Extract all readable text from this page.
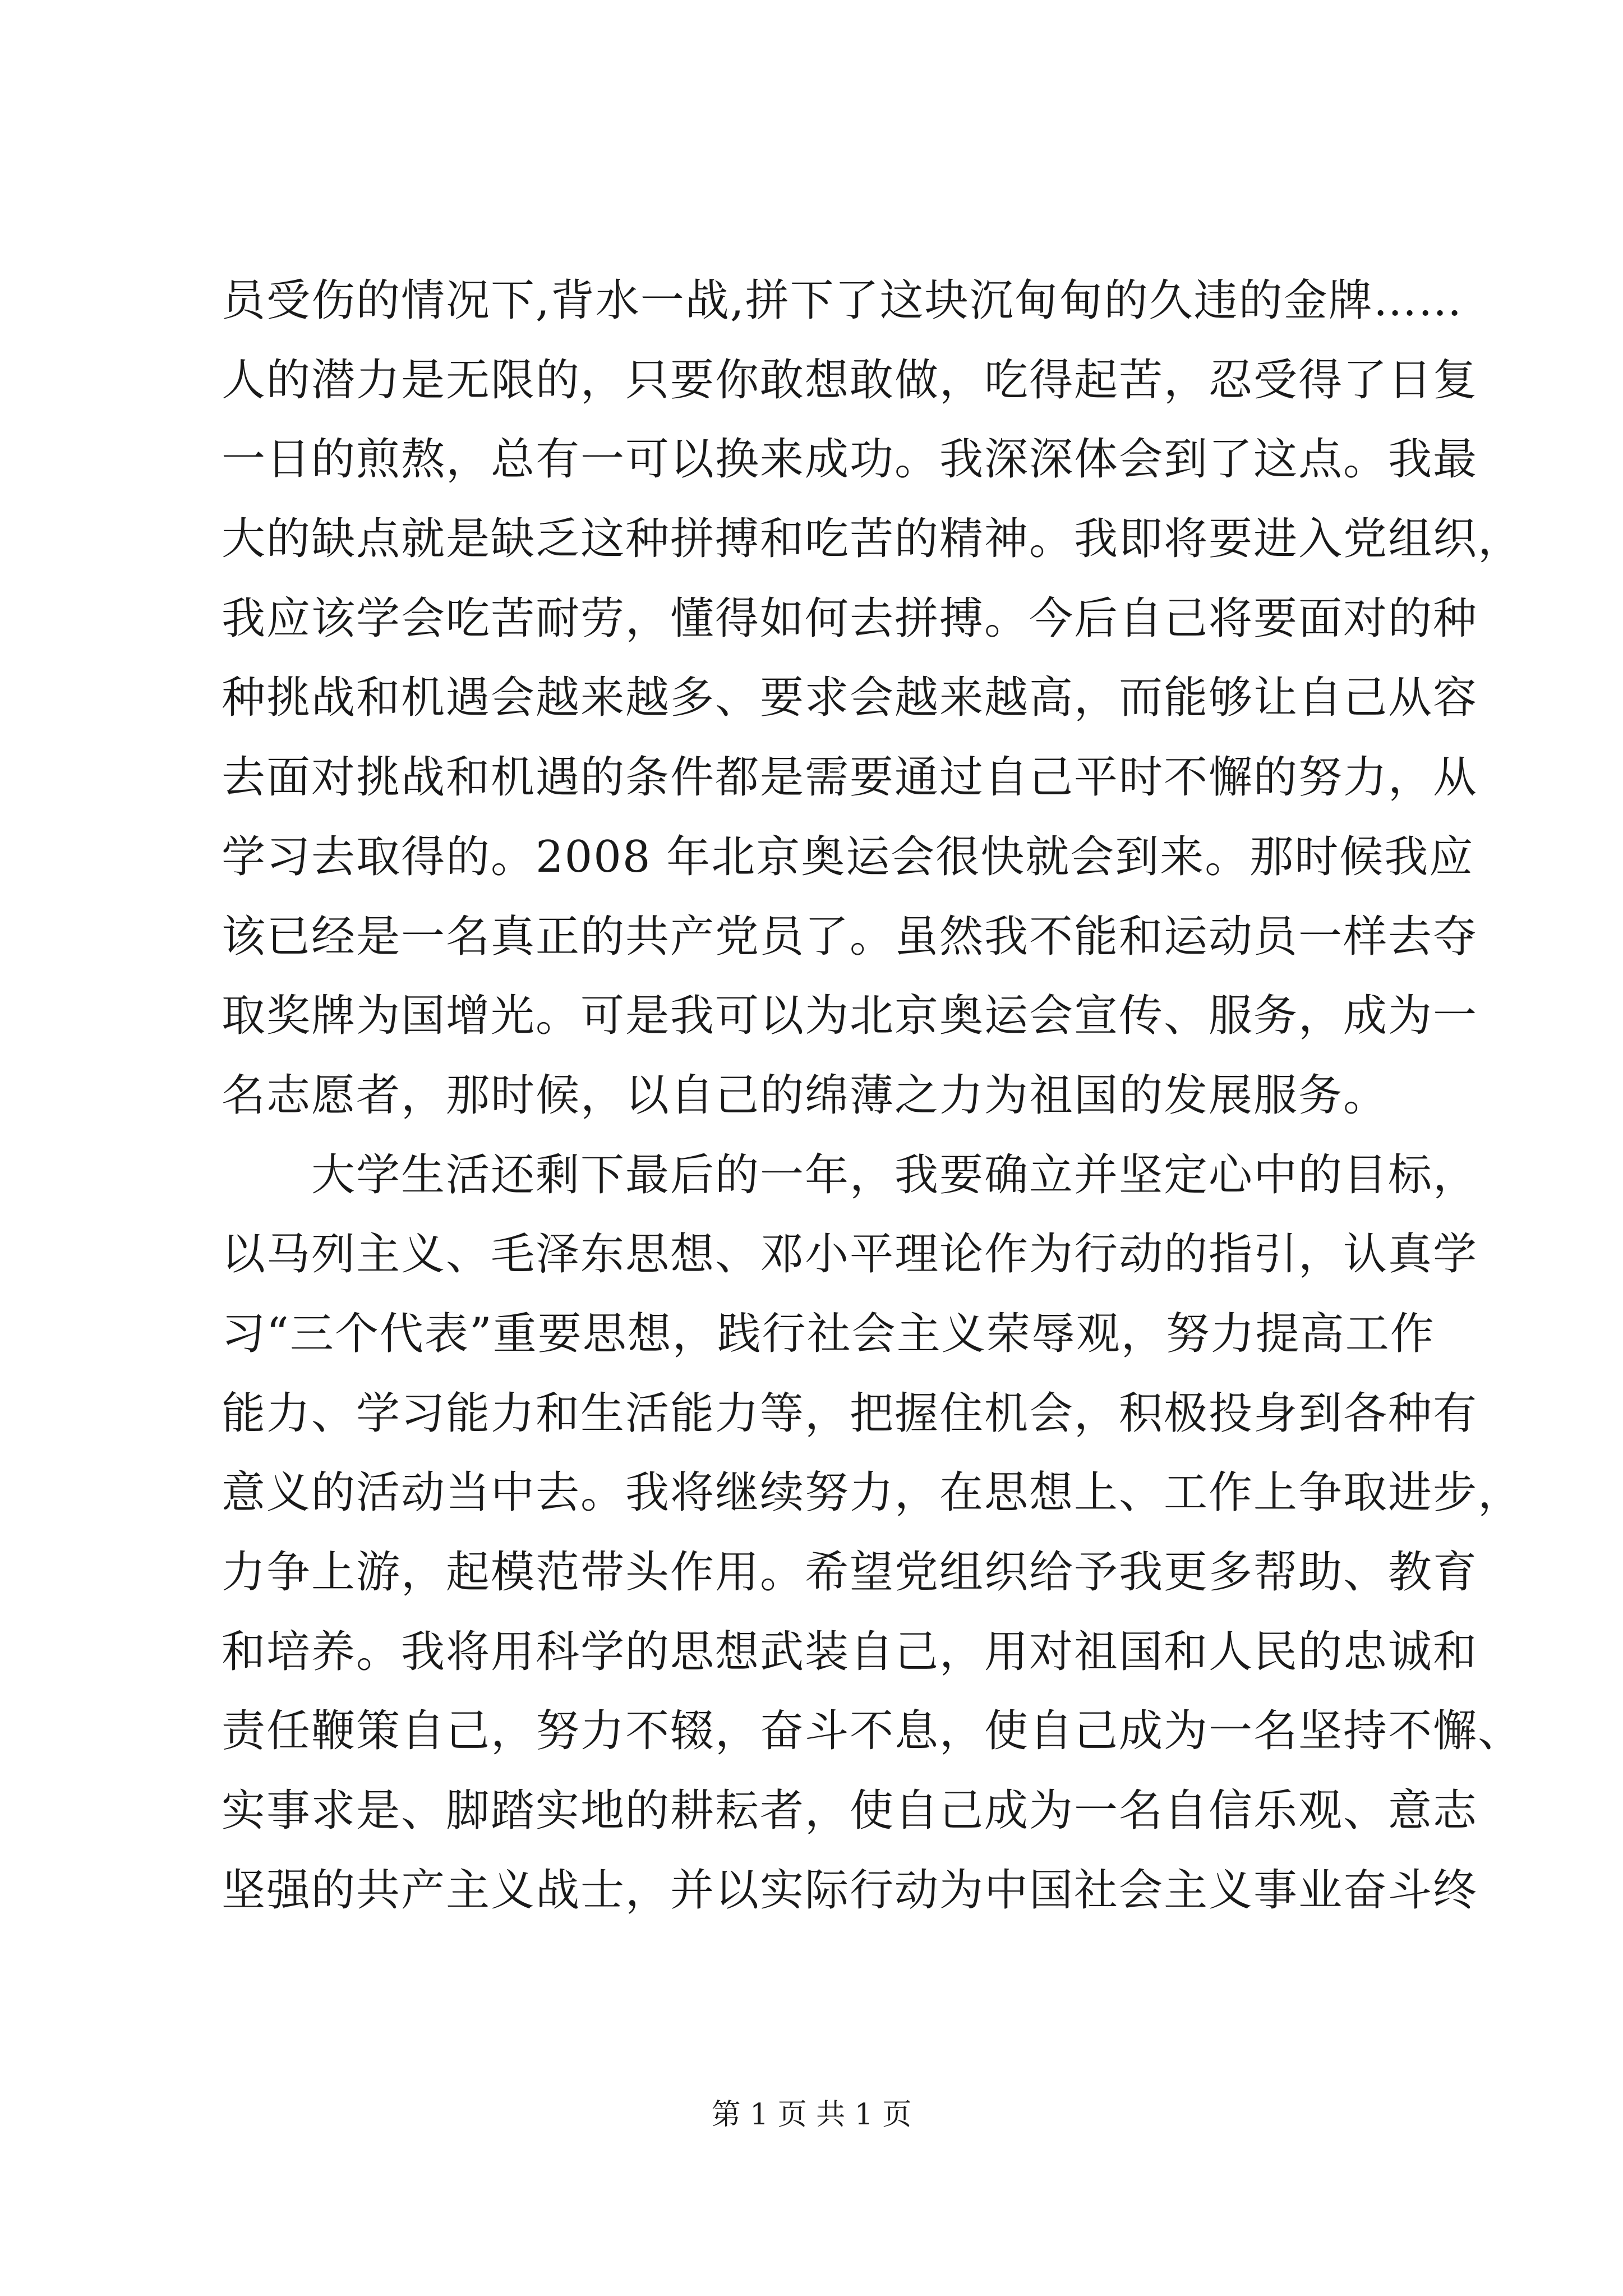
员受伤的情况下,背水一战,拼下了这块沉甸甸的久违的金牌……
人的潜力是无限的，只要你敢想敢做，吃得起苦，忍受得了日复
一日的煎熬，总有一可以换来成功。我深深体会到了这点。我最
大的缺点就是缺乏这种拼搏和吃苦的精神。我即将要进入党组织，
我应该学会吃苦耐劳，懂得如何去拼搏。今后自己将要面对的种
种挑战和机遇会越来越多、要求会越来越高，而能够让自己从容
去面对挑战和机遇的条件都是需要通过自己平时不懈的努力，从
学习去取得的。2008 年北京奥运会很快就会到来。那时候我应
该已经是一名真正的共产党员了。虽然我不能和运动员一样去夺
取奖牌为国增光。可是我可以为北京奥运会宣传、服务，成为一
名志愿者，那时候，以自己的绵薄之力为祖国的发展服务。
　　大学生活还剩下最后的一年，我要确立并坚定心中的目标，
以马列主义、毛泽东思想、邓小平理论作为行动的指引，认真学
习“三个代表”重要思想，践行社会主义荣辱观，努力提高工作
能力、学习能力和生活能力等，把握住机会，积极投身到各种有
意义的活动当中去。我将继续努力，在思想上、工作上争取进步，
力争上游，起模范带头作用。希望党组织给予我更多帮助、教育
和培养。我将用科学的思想武装自己，用对祖国和人民的忠诚和
责任鞭策自己，努力不辍，奋斗不息，使自己成为一名坚持不懈、
实事求是、脚踏实地的耕耘者，使自己成为一名自信乐观、意志
坚强的共产主义战士，并以实际行动为中国社会主义事业奋斗终
第 1 页 共 1 页
